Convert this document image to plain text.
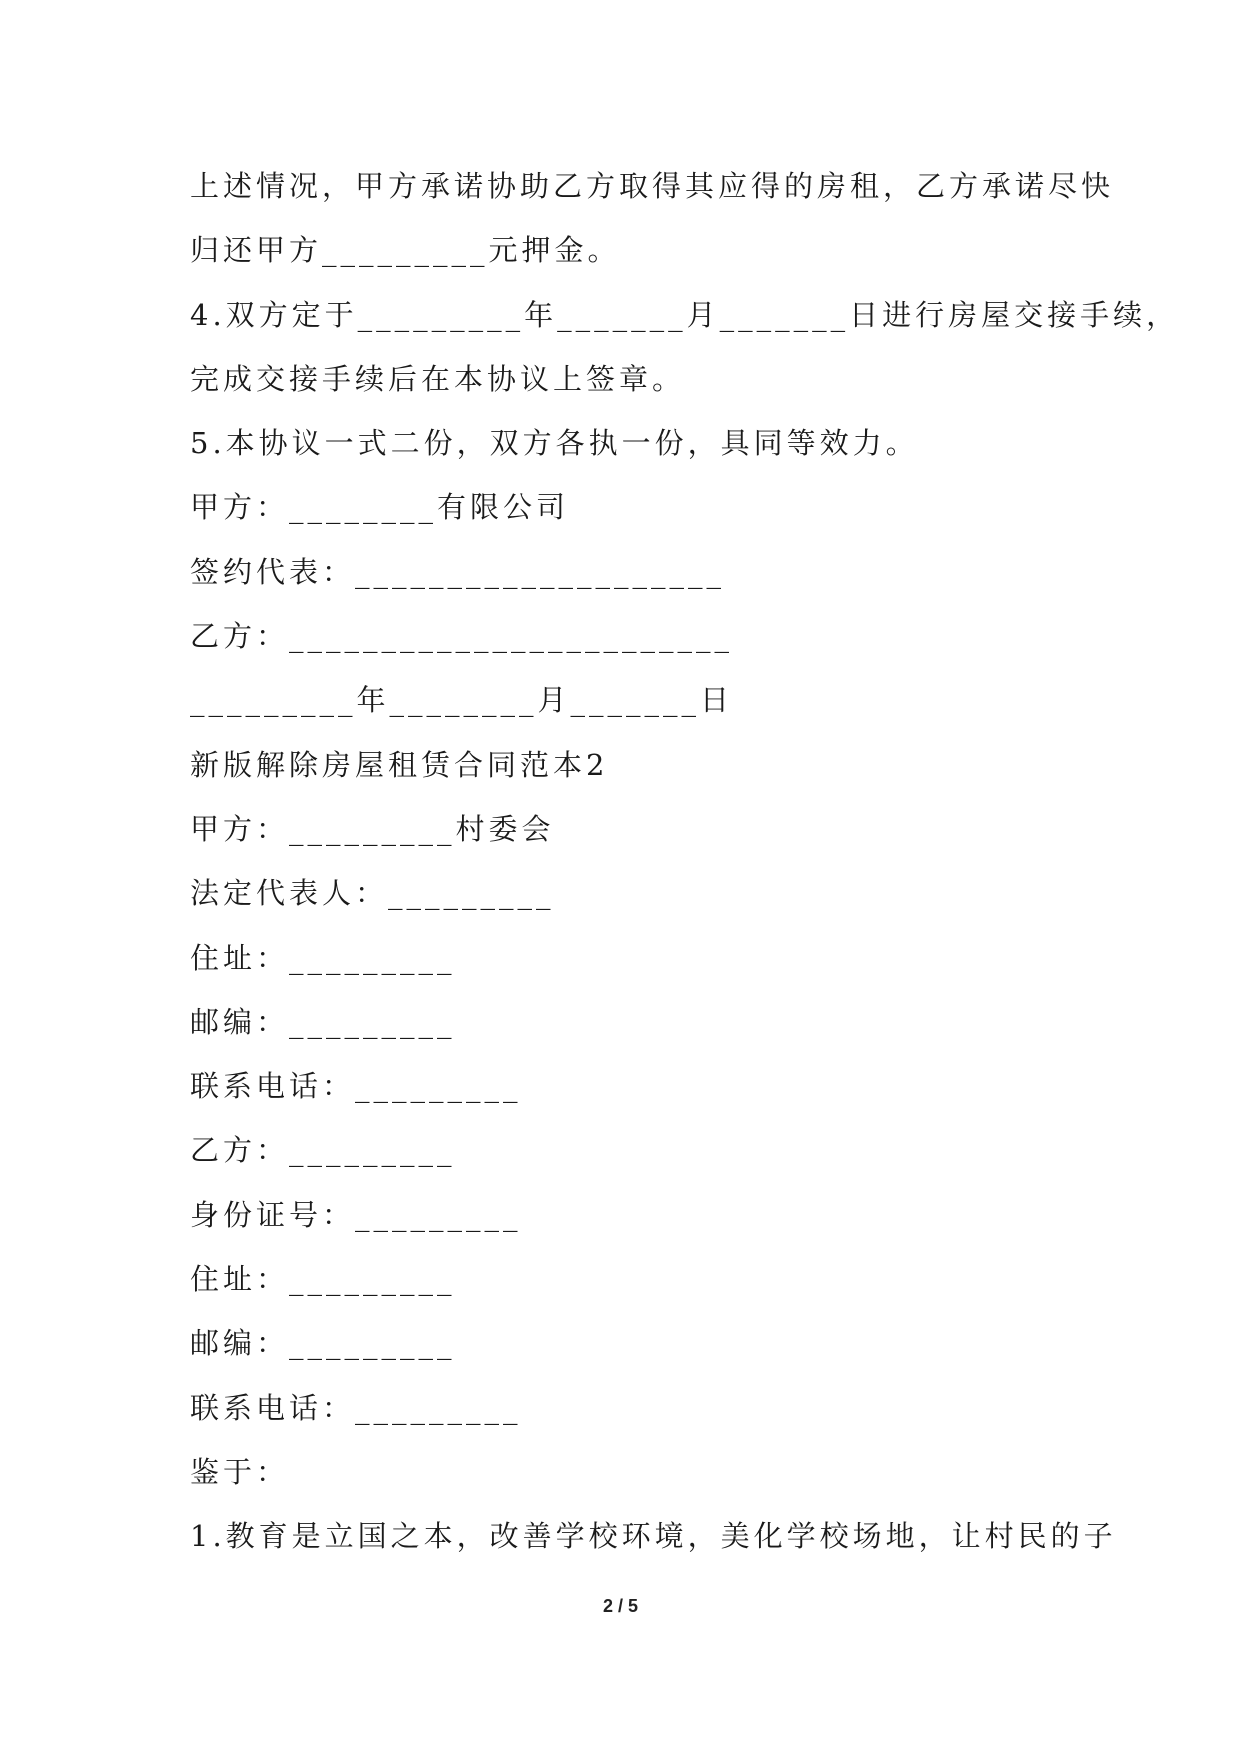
上述情况，甲方承诺协助乙方取得其应得的房租，乙方承诺尽快
归还甲方_________元押金。
4.双方定于_________年_______月_______日进行房屋交接手续，
完成交接手续后在本协议上签章。
5.本协议一式二份，双方各执一份，具同等效力。
甲方：________有限公司
签约代表：____________________
乙方：________________________
_________年________月_______日
新版解除房屋租赁合同范本2
甲方：_________村委会
法定代表人：_________
住址：_________
邮编：_________
联系电话：_________
乙方：_________
身份证号：_________
住址：_________
邮编：_________
联系电话：_________
鉴于：
1.教育是立国之本，改善学校环境，美化学校场地，让村民的子
2 / 5
